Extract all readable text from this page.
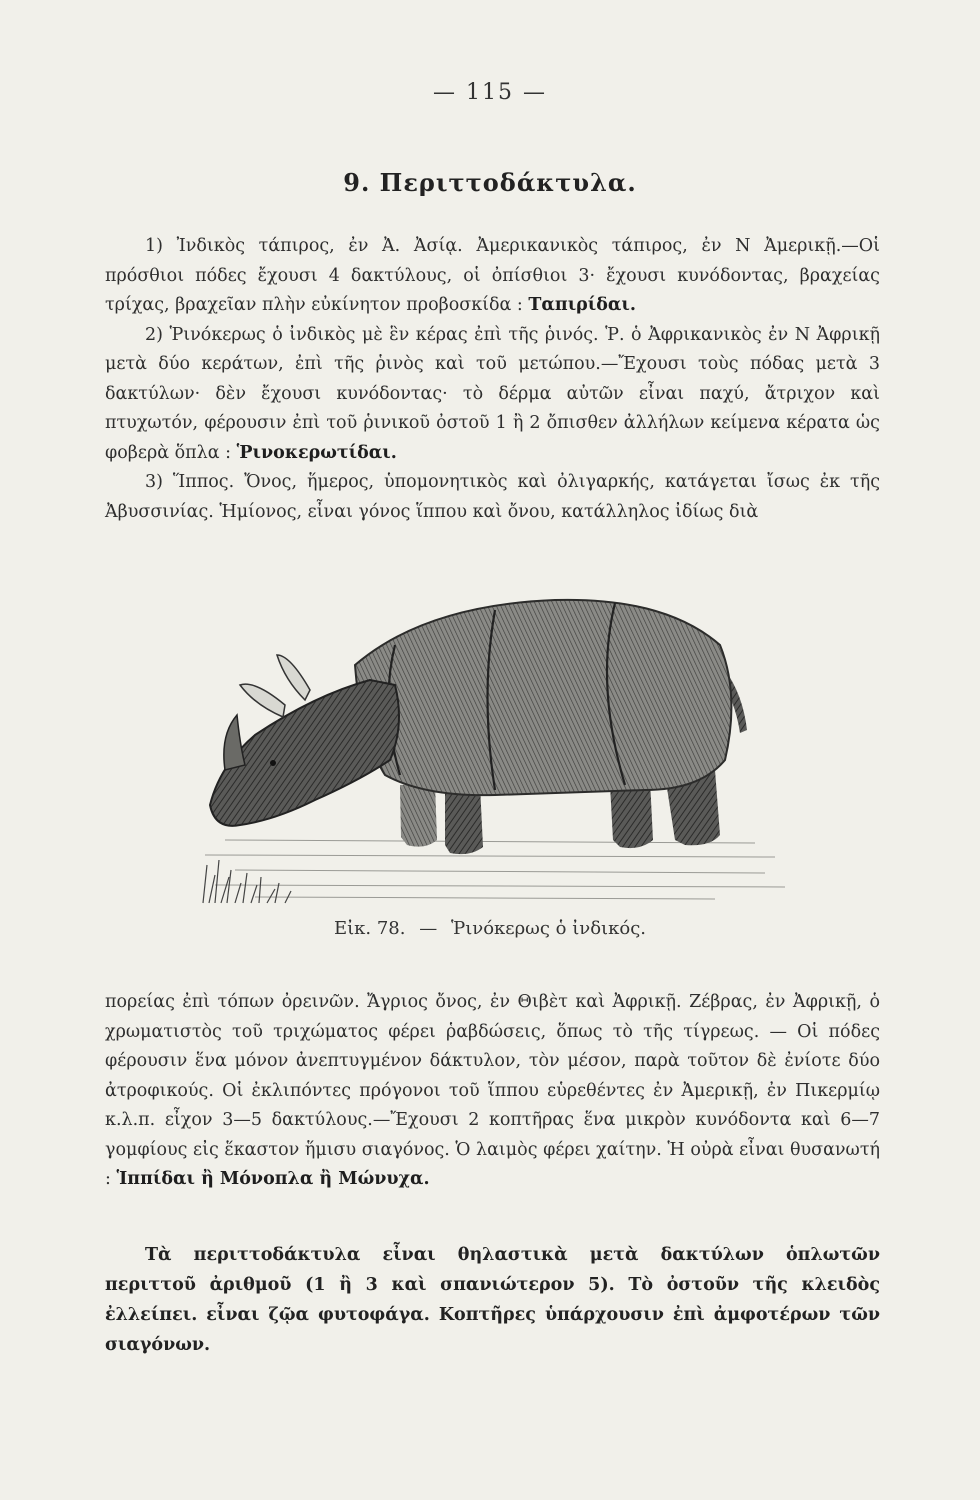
— 115 —
9. Περιττοδάκτυλα.

1) Ἰνδικὸς τάπιρος, ἐν Ἀ. Ἀσίᾳ. Ἀμερικανικὸς τάπιρος, ἐν Ν Ἀμερικῇ.—Οἱ πρόσθιοι πόδες ἔχουσι 4 δακτύλους, οἱ ὀπίσθιοι 3· ἔχουσι κυνόδοντας, βραχείας τρίχας, βραχεῖαν πλὴν εὐκίνητον προβοσκίδα : Ταπιρίδαι.

2) Ῥινόκερως ὁ ἰνδικὸς μὲ ἓν κέρας ἐπὶ τῆς ῥινός. Ῥ. ὁ Ἀφρικανικὸς ἐν Ν Ἀφρικῇ μετὰ δύο κεράτων, ἐπὶ τῆς ῥινὸς καὶ τοῦ μετώπου.—Ἔχουσι τοὺς πόδας μετὰ 3 δακτύλων· δὲν ἔχουσι κυνόδοντας· τὸ δέρμα αὐτῶν εἶναι παχύ, ἄτριχον καὶ πτυχωτόν, φέρουσιν ἐπὶ τοῦ ῥινικοῦ ὀστοῦ 1 ἢ 2 ὄπισθεν ἀλλήλων κείμενα κέρατα ὡς φοβερὰ ὅπλα : Ῥινοκερωτίδαι.

3) Ἵππος. Ὄνος, ἥμερος, ὑπομονητικὸς καὶ ὀλιγαρκής, κατάγεται ἴσως ἐκ τῆς Ἀβυσσινίας. Ἡμίονος, εἶναι γόνος ἵππου καὶ ὄνου, κατάλληλος ἰδίως διὰ

Εἰκ. 78. — Ῥινόκερως ὁ ἰνδικός.

πορείας ἐπὶ τόπων ὀρεινῶν. Ἄγριος ὄνος, ἐν Θιβὲτ καὶ Ἀφρικῇ. Ζέβρας, ἐν Ἀφρικῇ, ὁ χρωματιστὸς τοῦ τριχώματος φέρει ῥαβδώσεις, ὅπως τὸ τῆς τίγρεως. — Οἱ πόδες φέρουσιν ἕνα μόνον ἀνεπτυγμένον δάκτυλον, τὸν μέσον, παρὰ τοῦτον δὲ ἐνίοτε δύο ἀτροφικούς. Οἱ ἐκλιπόντες πρόγονοι τοῦ ἵππου εὑρεθέντες ἐν Ἀμερικῇ, ἐν Πικερμίῳ κ.λ.π. εἶχον 3—5 δακτύλους.—Ἔχουσι 2 κοπτῆρας ἕνα μικρὸν κυνόδοντα καὶ 6—7 γομφίους εἰς ἕκαστον ἥμισυ σιαγόνος. Ὁ λαιμὸς φέρει χαίτην. Ἡ οὐρὰ εἶναι θυσανωτή : Ἱππίδαι ἢ Μόνοπλα ἢ Μώνυχα.

Τὰ περιττοδάκτυλα εἶναι θηλαστικὰ μετὰ δακτύλων ὁπλωτῶν περιττοῦ ἀριθμοῦ (1 ἢ 3 καὶ σπανιώτερον 5). Τὸ ὀστοῦν τῆς κλειδὸς ἐλλείπει. εἶναι ζῷα φυτοφάγα. Κοπτῆρες ὑπάρχουσιν ἐπὶ ἀμφοτέρων τῶν σιαγόνων.
